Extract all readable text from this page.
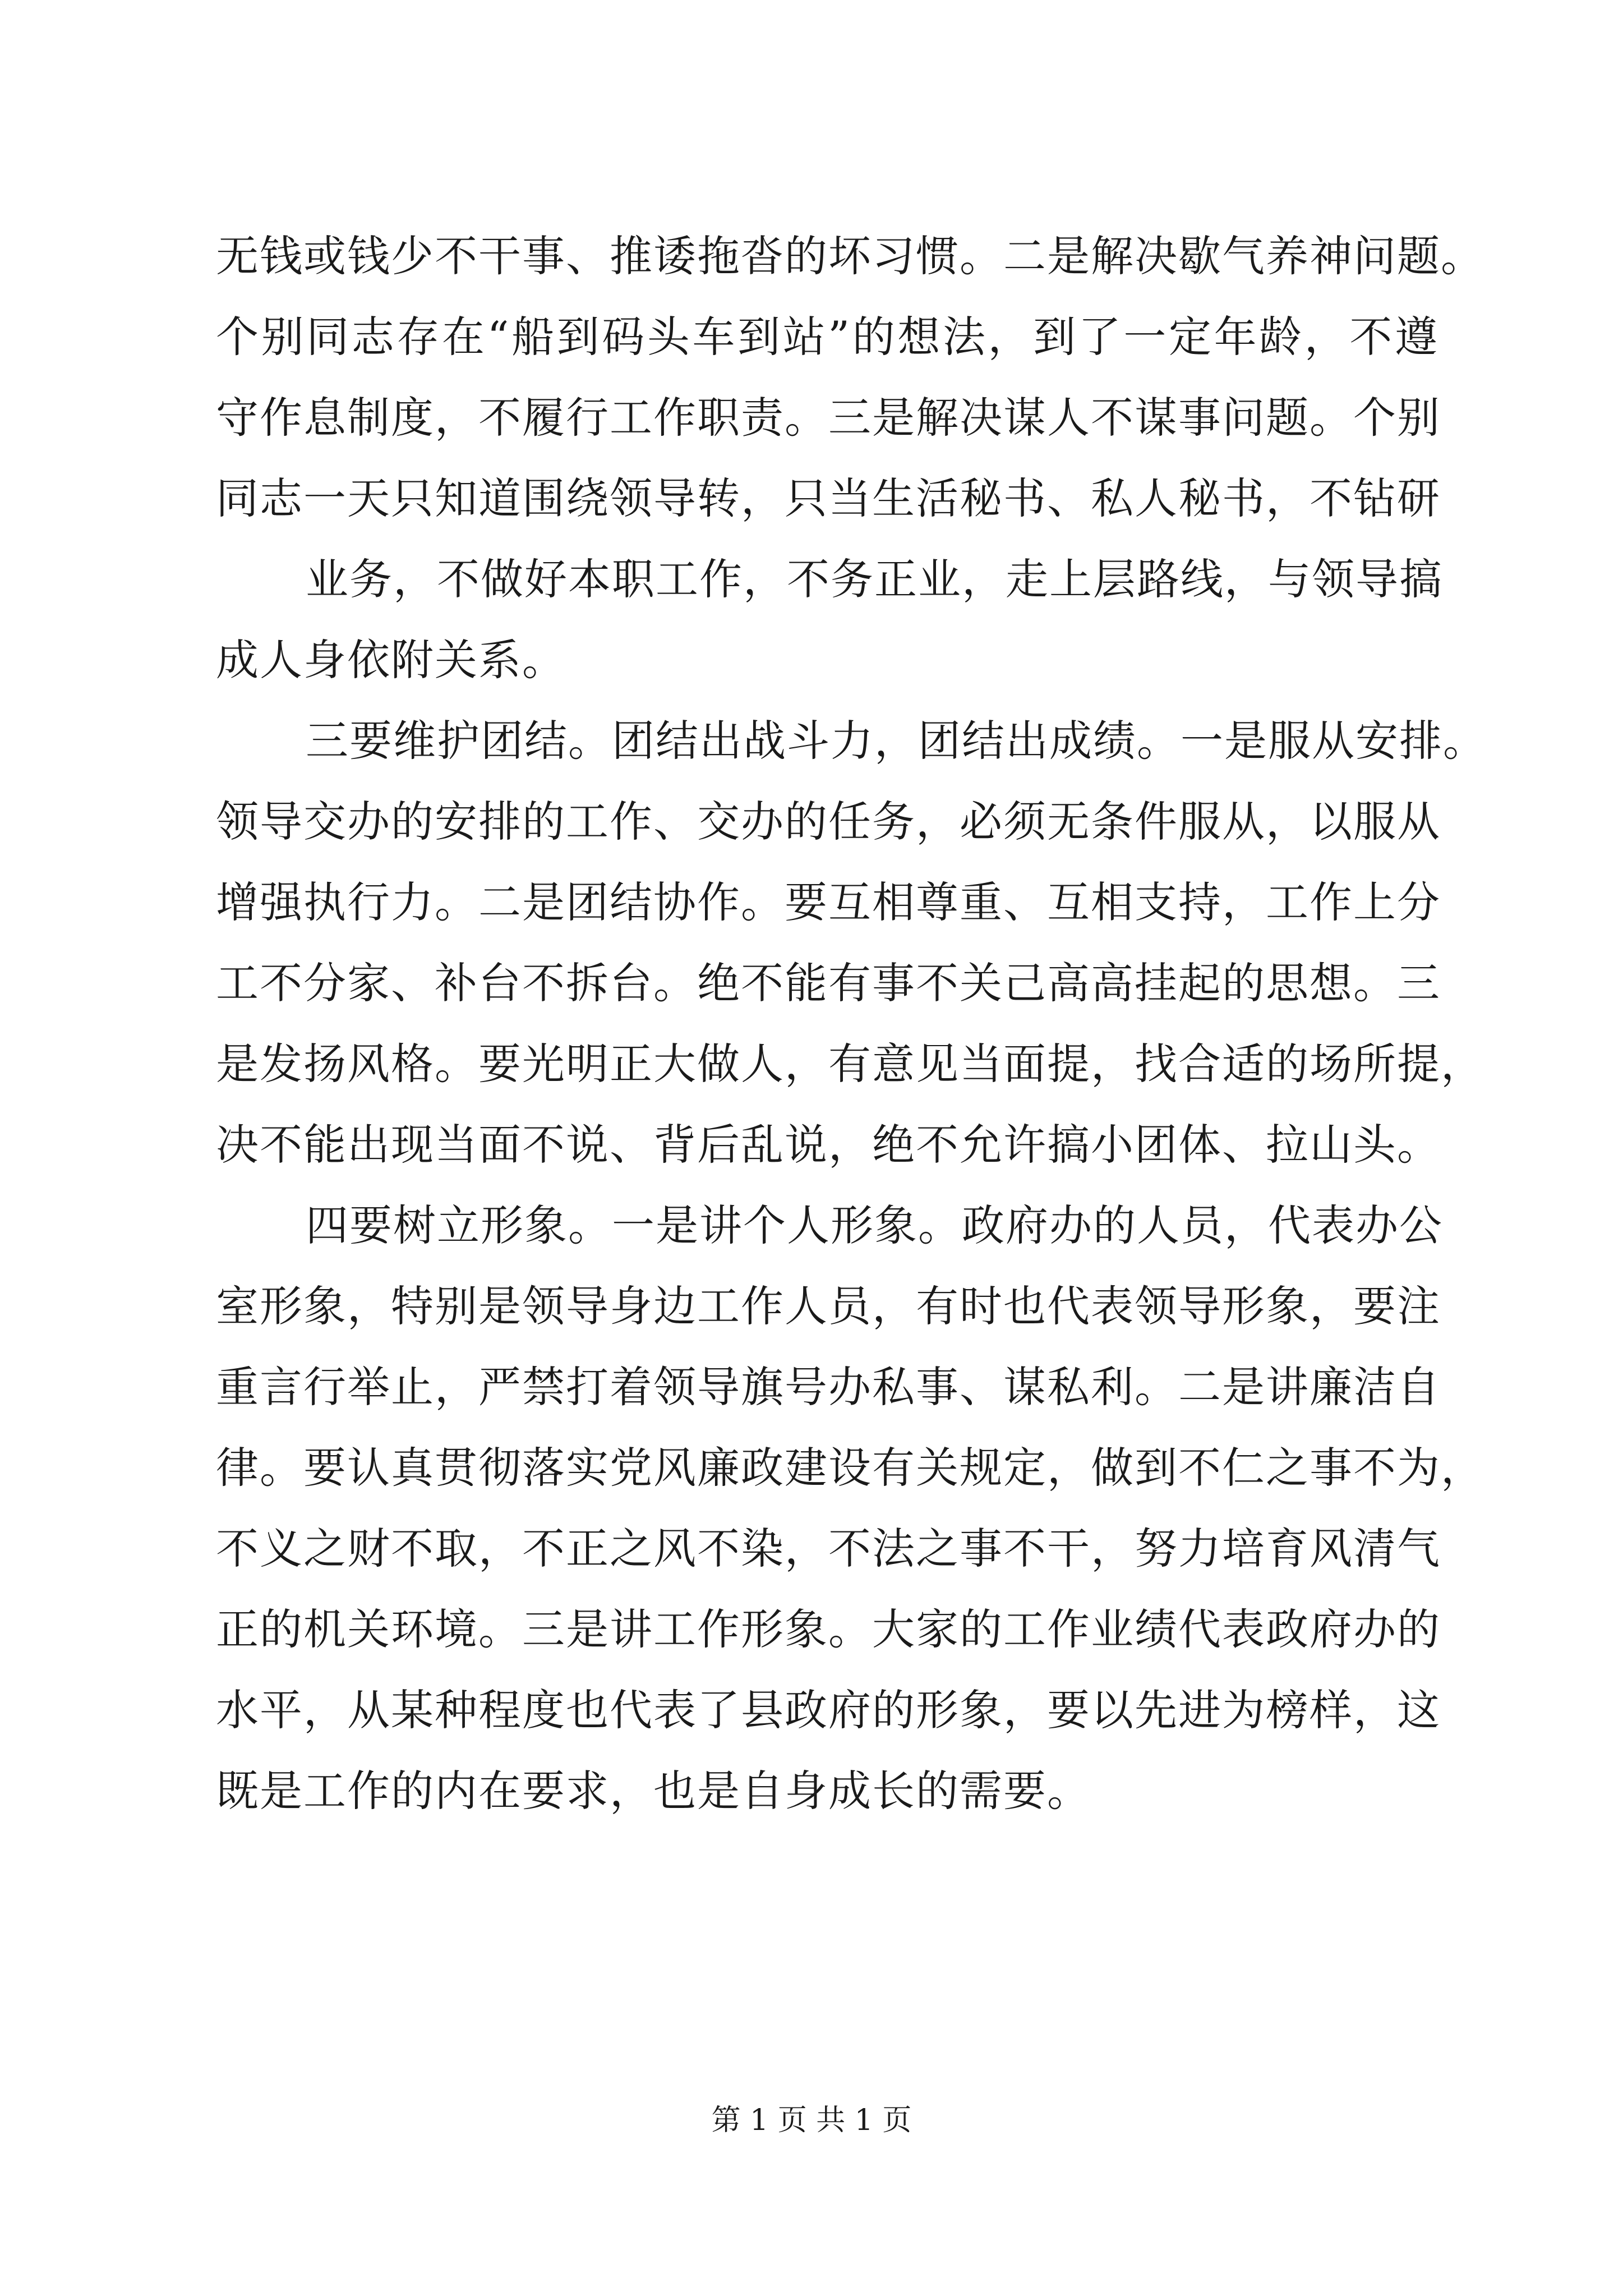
无钱或钱少不干事、推诿拖沓的坏习惯。二是解决歇气养神问题。
个别同志存在“船到码头车到站”的想法，到了一定年龄，不遵
守作息制度，不履行工作职责。三是解决谋人不谋事问题。个别
同志一天只知道围绕领导转，只当生活秘书、私人秘书，不钻研
业务，不做好本职工作，不务正业，走上层路线，与领导搞
成人身依附关系。
三要维护团结。团结出战斗力，团结出成绩。一是服从安排。
领导交办的安排的工作、交办的任务，必须无条件服从，以服从
增强执行力。二是团结协作。要互相尊重、互相支持，工作上分
工不分家、补台不拆台。绝不能有事不关己高高挂起的思想。三
是发扬风格。要光明正大做人，有意见当面提，找合适的场所提，
决不能出现当面不说、背后乱说，绝不允许搞小团体、拉山头。
四要树立形象。一是讲个人形象。政府办的人员，代表办公
室形象，特别是领导身边工作人员，有时也代表领导形象，要注
重言行举止，严禁打着领导旗号办私事、谋私利。二是讲廉洁自
律。要认真贯彻落实党风廉政建设有关规定，做到不仁之事不为，
不义之财不取，不正之风不染，不法之事不干，努力培育风清气
正的机关环境。三是讲工作形象。大家的工作业绩代表政府办的
水平，从某种程度也代表了县政府的形象，要以先进为榜样，这
既是工作的内在要求，也是自身成长的需要。
第 1 页 共 1 页
